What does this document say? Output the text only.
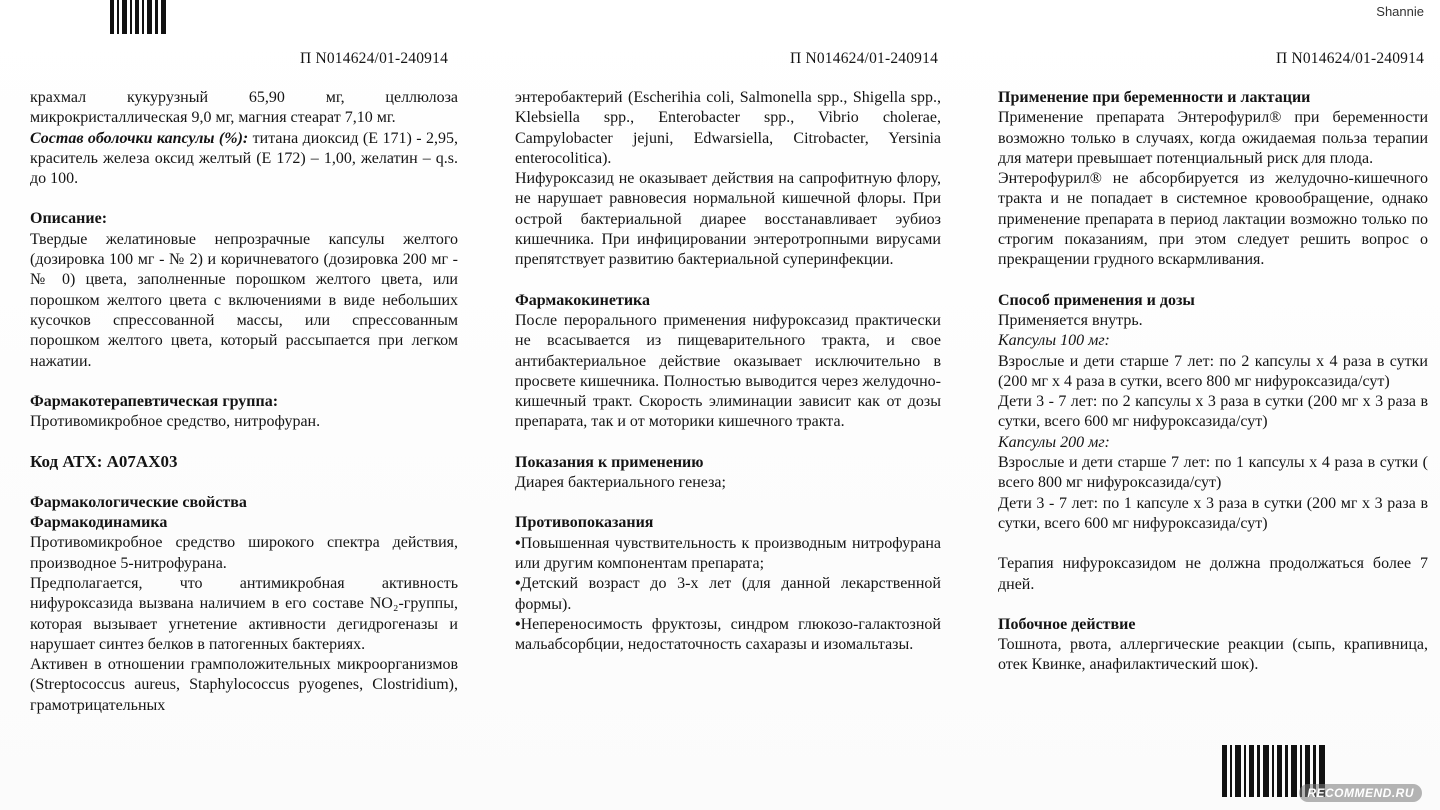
Shannie
П N014624/01-240914	П N014624/01-240914	П N014624/01-240914

крахмал кукурузный 65,90 мг, целлюлоза микрокристаллическая 9,0 мг, магния стеарат 7,10 мг.

Состав оболочки капсулы (%): титана диоксид (Е 171) - 2,95, краситель железа оксид желтый (Е 172) – 1,00, желатин – q.s. до 100.

Описание:

Твердые желатиновые непрозрачные капсулы желтого (дозировка 100 мг - № 2) и коричневатого (дозировка 200 мг - № 0) цвета, заполненные порошком желтого цвета, или порошком желтого цвета с включениями в виде небольших кусочков спрессованной массы, или спрессованным порошком желтого цвета, который рассыпается при легком нажатии.

Фармакотерапевтическая группа:

Противомикробное средство, нитрофуран.

Код АТХ: А07АХ03

Фармакологические свойства

Фармакодинамика

Противомикробное средство широкого спектра действия, производное 5-нитрофурана.

Предполагается, что антимикробная активность нифуроксазида вызвана наличием в его составе NO₂-группы, которая вызывает угнетение активности дегидрогеназы и нарушает синтез белков в патогенных бактериях.

Активен в отношении грамположительных микроорганизмов (Streptococcus aureus, Staphylococcus pyogenes, Clostridium), грамотрицательных

энтеробактерий (Escherihia coli, Salmonella spp., Shigella spp., Klebsiella spp., Enterobacter spp., Vibrio cholerae, Campylobacter jejuni, Edwarsiella, Citrobacter, Yersinia enterocolitica).

Нифуроксазид не оказывает действия на сапрофитную флору, не нарушает равновесия нормальной кишечной флоры. При острой бактериальной диарее восстанавливает эубиоз кишечника. При инфицировании энтеротропными вирусами препятствует развитию бактериальной суперинфекции.

Фармакокинетика

После перорального применения нифуроксазид практически не всасывается из пищеварительного тракта, и свое антибактериальное действие оказывает исключительно в просвете кишечника. Полностью выводится через желудочно-кишечный тракт. Скорость элиминации зависит как от дозы препарата, так и от моторики кишечного тракта.

Показания к применению

Диарея бактериального генеза;

Противопоказания

• Повышенная чувствительность к производным нитрофурана или другим компонентам препарата;

• Детский возраст до 3-х лет (для данной лекарственной формы).

• Непереносимость фруктозы, синдром глюкозо-галактозной мальабсорбции, недостаточность сахаразы и изомальтазы.

Применение при беременности и лактации

Применение препарата Энтерофурил® при беременности возможно только в случаях, когда ожидаемая польза терапии для матери превышает потенциальный риск для плода.

Энтерофурил® не абсорбируется из желудочно-кишечного тракта и не попадает в системное кровообращение, однако применение препарата в период лактации возможно только по строгим показаниям, при этом следует решить вопрос о прекращении грудного вскармливания.

Способ применения и дозы

Применяется внутрь.

Капсулы 100 мг:

Взрослые и дети старше 7 лет: по 2 капсулы х 4 раза в сутки (200 мг х 4 раза в сутки, всего 800 мг нифуроксазида/сут)

Дети 3 - 7 лет: по 2 капсулы х 3 раза в сутки (200 мг х 3 раза в сутки, всего 600 мг нифуроксазида/сут)

Капсулы 200 мг:

Взрослые и дети старше 7 лет: по 1 капсулы х 4 раза в сутки ( всего 800 мг нифуроксазида/сут)

Дети 3 - 7 лет: по 1 капсуле х 3 раза в сутки (200 мг х 3 раза в сутки, всего 600 мг нифуроксазида/сут)

Терапия нифуроксазидом не должна продолжаться более 7 дней.

Побочное действие

Тошнота, рвота, аллергические реакции (сыпь, крапивница, отек Квинке, анафилактический шок).

RECOMMEND.RU
